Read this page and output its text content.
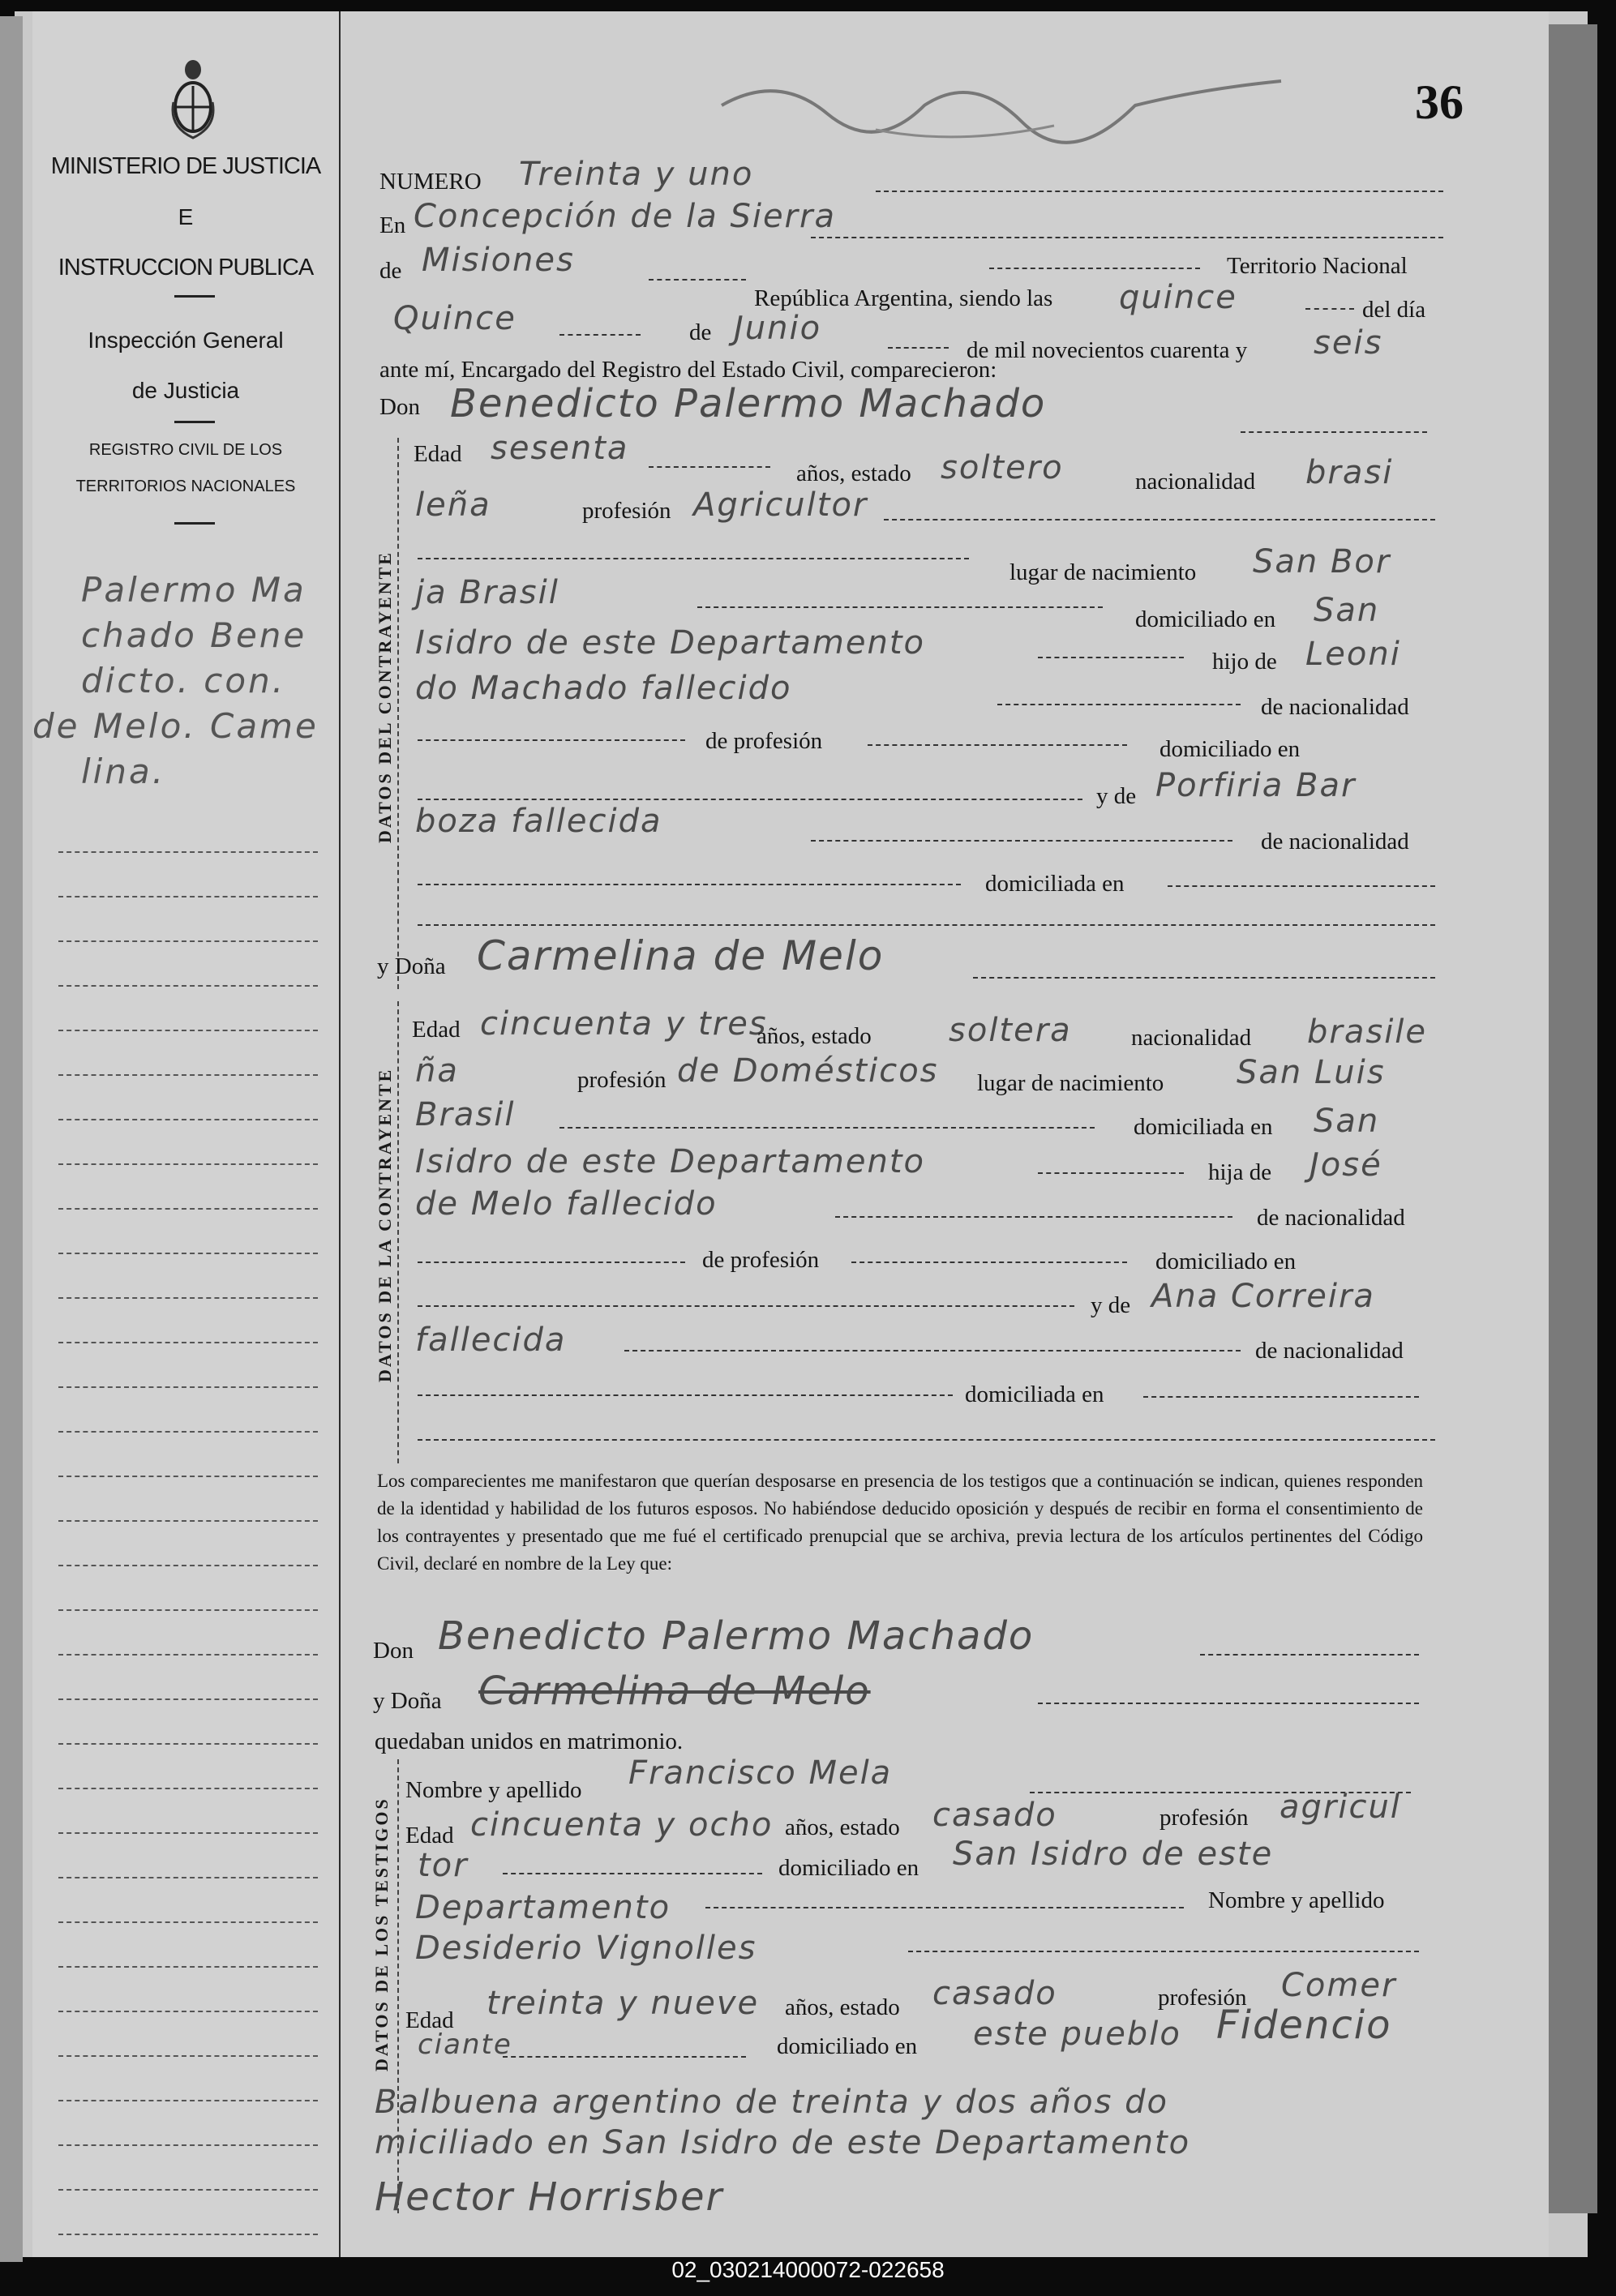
MINISTERIO DE JUSTICIA
E
INSTRUCCION PUBLICA
Inspección General
de Justicia
REGISTRO CIVIL DE LOS
TERRITORIOS NACIONALES
Palermo Ma
chado Bene
dicto. con.
de Melo. Came
lina.
36
NUMERO Treinta y uno
En Concepción de la Sierra
de Misiones	Territorio Nacional
República Argentina, siendo las quince	del día
Quince	de Junio
de mil novecientos cuarenta y seis
ante mí, Encargado del Registro del Estado Civil, comparecieron:
Don Benedicto Palermo Machado
DATOS DEL CONTRAYENTE
Edad sesenta
años, estado soltero	nacionalidad brasi
leña	profesión Agricultor
lugar de nacimiento San Bor
ja Brasil
domiciliado en San
Isidro de este Departamento	hijo de Leoni
do Machado fallecido	de nacionalidad
de profesión	domiciliado en
y de Porfiria Bar
boza fallecida
de nacionalidad
domiciliada en
y Doña Carmelina de Melo
DATOS DE LA CONTRAYENTE
Edad cincuenta y tres
años, estado soltera	nacionalidad brasile
ña	profesión de Domésticos lugar de nacimiento San Luis
Brasil	domiciliada en San
Isidro de este Departamento	hija de José
de Melo fallecido	de nacionalidad
de profesión	domiciliado en
y de Ana Correira
fallecida	de nacionalidad
domiciliada en
Los comparecientes me manifestaron que querían desposarse en presencia de los testigos que a continuación se indican, quienes responden de la identidad y habilidad de los futuros esposos. No habiéndose deducido oposición y después de recibir en forma el consentimiento de los contrayentes y presentado que me fué el certificado prenupcial que se archiva, previa lectura de los artículos pertinentes del Código Civil, declaré en nombre de la Ley que:
Don Benedicto Palermo Machado
y Doña Carmelina de Melo
quedaban unidos en matrimonio.
DATOS DE LOS TESTIGOS
Nombre y apellido Francisco Mela
Edad cincuenta y ocho años, estado casado	profesión agricul
tor	domiciliado en San Isidro de este
Departamento	Nombre y apellido
Desiderio Vignolles
Edad treinta y nueve años, estado casado	profesión Comer
ciante	domiciliado en este pueblo Fidencio
Balbuena argentino de treinta y dos años do
miciliado en San Isidro de este Departamento
Hector Horrisber
02_030214000072-022658
